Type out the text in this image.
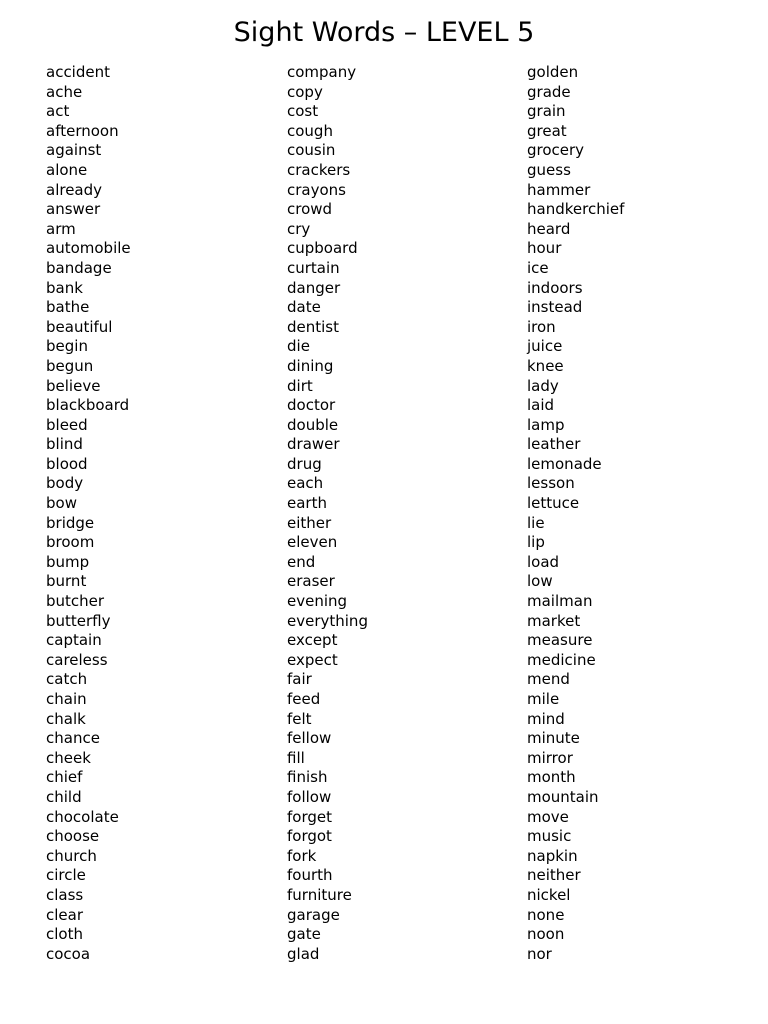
Sight Words – LEVEL 5
accident
ache
act
afternoon
against
alone
already
answer
arm
automobile
bandage
bank
bathe
beautiful
begin
begun
believe
blackboard
bleed
blind
blood
body
bow
bridge
broom
bump
burnt
butcher
butterfly
captain
careless
catch
chain
chalk
chance
cheek
chief
child
chocolate
choose
church
circle
class
clear
cloth
cocoa
company
copy
cost
cough
cousin
crackers
crayons
crowd
cry
cupboard
curtain
danger
date
dentist
die
dining
dirt
doctor
double
drawer
drug
each
earth
either
eleven
end
eraser
evening
everything
except
expect
fair
feed
felt
fellow
fill
finish
follow
forget
forgot
fork
fourth
furniture
garage
gate
glad
golden
grade
grain
great
grocery
guess
hammer
handkerchief
heard
hour
ice
indoors
instead
iron
juice
knee
lady
laid
lamp
leather
lemonade
lesson
lettuce
lie
lip
load
low
mailman
market
measure
medicine
mend
mile
mind
minute
mirror
month
mountain
move
music
napkin
neither
nickel
none
noon
nor
